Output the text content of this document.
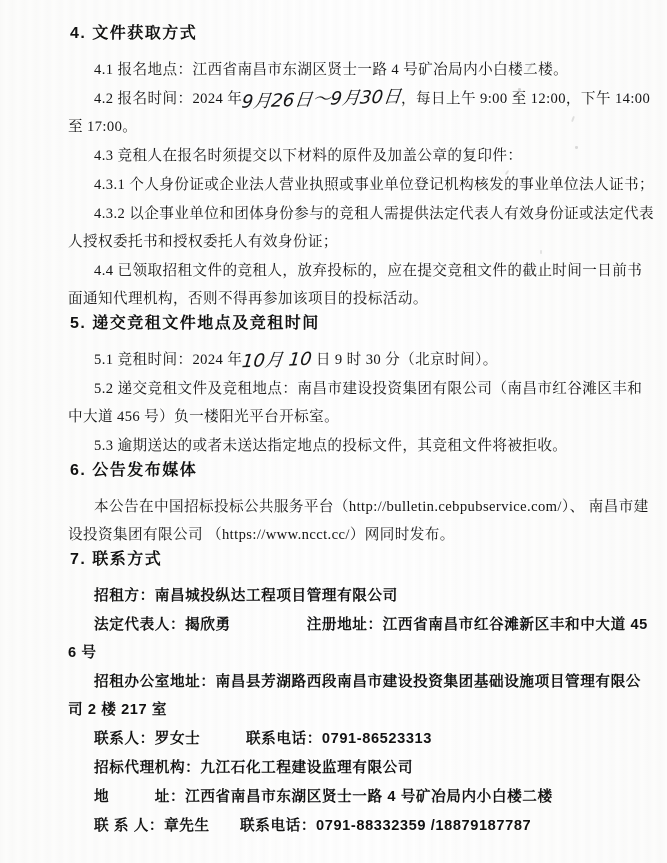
4. 文件获取方式

4.1 报名地点：江西省南昌市东湖区贤士一路 4 号矿冶局内小白楼二楼。

4.2 报名时间：2024 年9月26日～9月30日，每日上午 9:00 至 12:00，下午 14:00 至 17:00。

4.3 竞租人在报名时须提交以下材料的原件及加盖公章的复印件：

4.3.1 个人身份证或企业法人营业执照或事业单位登记机构核发的事业单位法人证书；

4.3.2 以企事业单位和团体身份参与的竞租人需提供法定代表人有效身份证或法定代表人授权委托书和授权委托人有效身份证；

4.4 已领取招租文件的竞租人，放弃投标的，应在提交竞租文件的截止时间一日前书面通知代理机构，否则不得再参加该项目的投标活动。

5. 递交竞租文件地点及竞租时间

5.1 竞租时间：2024 年10月 10 日 9 时 30 分（北京时间）。

5.2 递交竞租文件及竞租地点：南昌市建设投资集团有限公司（南昌市红谷滩区丰和中大道 456 号）负一楼阳光平台开标室。

5.3 逾期送达的或者未送达指定地点的投标文件，其竞租文件将被拒收。

6. 公告发布媒体

本公告在中国招标投标公共服务平台（http://bulletin.cebpubservice.com/）、 南昌市建设投资集团有限公司 （https://www.ncct.cc/）网同时发布。

7. 联系方式

招租方：南昌城投纵达工程项目管理有限公司

法定代表人：揭欣勇　　　　　注册地址：江西省南昌市红谷滩新区丰和中大道 456 号

招租办公室地址：南昌县芳湖路西段南昌市建设投资集团基础设施项目管理有限公司 2 楼 217 室

联系人：罗女士　　　联系电话：0791-86523313

招标代理机构：九江石化工程建设监理有限公司

地　　　址：江西省南昌市东湖区贤士一路 4 号矿冶局内小白楼二楼

联 系 人：章先生　　联系电话：0791-88332359 /18879187787
